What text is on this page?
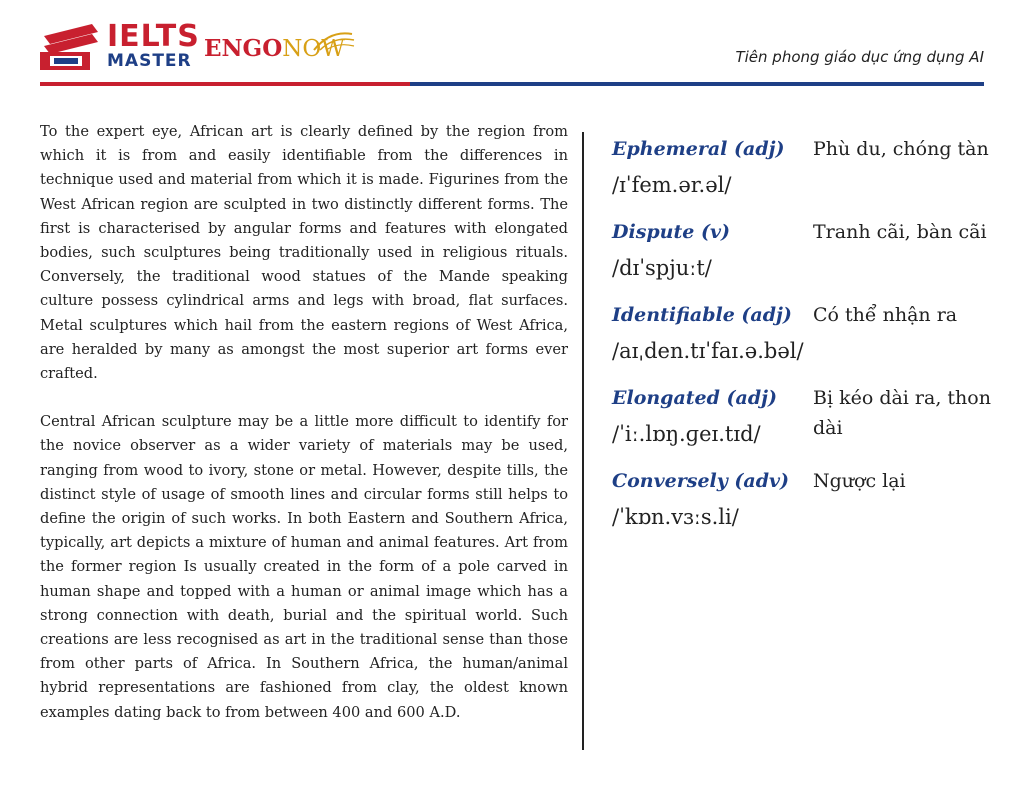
IELTS
MASTER ENGONOW	Tiên phong giáo dục ứng dụng AI

To the expert eye, African art is clearly defined by the region from which it is from and easily identifiable from the differences in technique used and material from which it is made. Figurines from the West African region are sculpted in two distinctly different forms. The first is characterised by angular forms and features with elongated bodies, such sculptures being traditionally used in religious rituals. Conversely, the traditional wood statues of the Mande speaking culture possess cylindrical arms and legs with broad, flat surfaces. Metal sculptures which hail from the eastern regions of West Africa, are heralded by many as amongst the most superior art forms ever crafted.

Central African sculpture may be a little more difficult to identify for the novice observer as a wider variety of materials may be used, ranging from wood to ivory, stone or metal. However, despite tills, the distinct style of usage of smooth lines and circular forms still helps to define the origin of such works. In both Eastern and Southern Africa, typically, art depicts a mixture of human and animal features. Art from the former region Is usually created in the form of a pole carved in human shape and topped with a human or animal image which has a strong connection with death, burial and the spiritual world. Such creations are less recognised as art in the traditional sense than those from other parts of Africa. In Southern Africa, the human/animal hybrid representations are fashioned from clay, the oldest known examples dating back to from between 400 and 600 A.D.

Ephemeral (adj)
/ɪˈfem.ər.əl/
Phù du, chóng tàn
Dispute (v)
/dɪˈspjuːt/
Tranh cãi, bàn cãi
Identifiable (adj)
/aɪˌden.tɪˈfaɪ.ə.bəl/
Có thể nhận ra
Elongated (adj)
/ˈiː.lɒŋ.ɡeɪ.tɪd/
Bị kéo dài ra, thon dài
Conversely (adv)
/ˈkɒn.vɜːs.li/
Ngược lại
